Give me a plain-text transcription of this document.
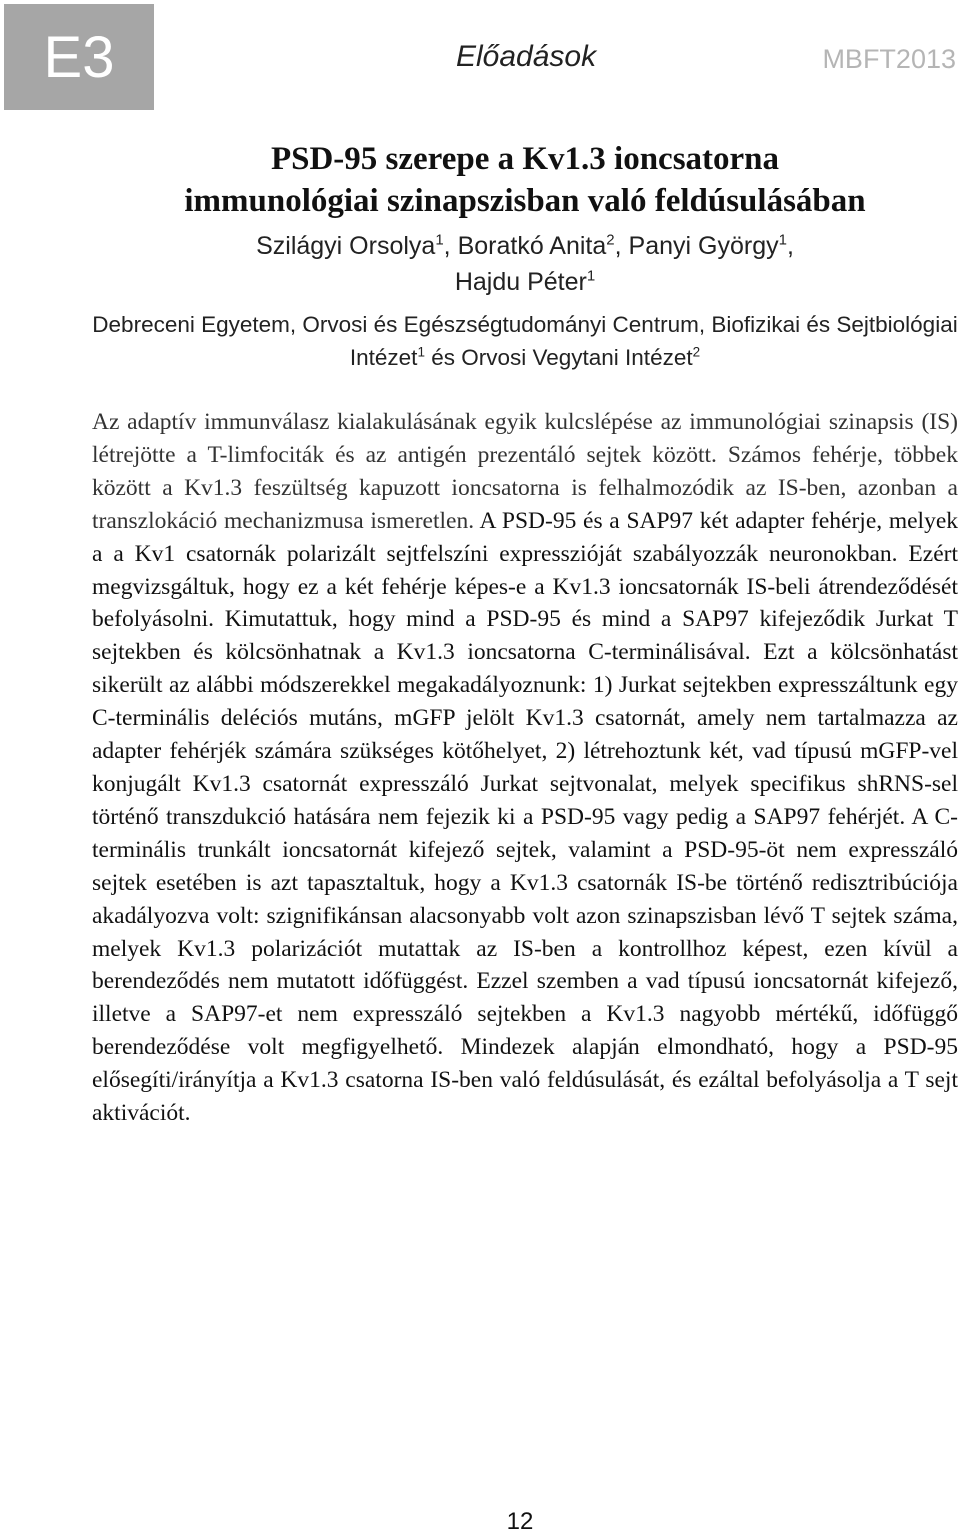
E3	Előadások	MBFT2013
PSD-95 szerepe a Kv1.3 ioncsatorna
immunológiai szinapszisban való feldúsulásában
Szilágyi Orsolya$^1$, Boratkó Anita$^2$, Panyi György$^1$,
Hajdu Péter$^1$
Debreceni Egyetem, Orvosi és Egészségtudományi Centrum, Biofizikai és Sejtbiológiai Intézet$^1$ és Orvosi Vegytani Intézet$^2$
Az adaptív immunválasz kialakulásának egyik kulcslépése az immunológiai szinapsis (IS) létrejötte a T-limfociták és az antigén prezentáló sejtek között. Számos fehérje, többek között a Kv1.3 feszültség kapuzott ioncsatorna is felhalmozódik az IS-ben, azonban a transzlokáció mechanizmusa ismeretlen. A PSD-95 és a SAP97 két adapter fehérje, melyek a a Kv1 csatornák polarizált sejtfelszíni expresszióját szabályozzák neuronokban. Ezért megvizsgáltuk, hogy ez a két fehérje képes-e a Kv1.3 ioncsatornák IS-beli átrendeződését befolyásolni. Kimutattuk, hogy mind a PSD-95 és mind a SAP97 kifejeződik Jurkat T sejtekben és kölcsönhatnak a Kv1.3 ioncsatorna C-terminálisával. Ezt a kölcsönhatást sikerült az alábbi módszerekkel megakadályoznunk: 1) Jurkat sejtekben expresszáltunk egy C-terminális deléciós mutáns, mGFP jelölt Kv1.3 csatornát, amely nem tartalmazza az adapter fehérjék számára szükséges kötőhelyet, 2) létrehoztunk két, vad típusú mGFP-vel konjugált Kv1.3 csatornát expresszáló Jurkat sejtvonalat, melyek specifikus shRNS-sel történő transzdukció hatására nem fejezik ki a PSD-95 vagy pedig a SAP97 fehérjét. A C-terminális trunkált ioncsatornát kifejező sejtek, valamint a PSD-95-öt nem expresszáló sejtek esetében is azt tapasztaltuk, hogy a Kv1.3 csatornák IS-be történő redisztribúciója akadályozva volt: szignifikánsan alacsonyabb volt azon szinapszisban lévő T sejtek száma, melyek Kv1.3 polarizációt mutattak az IS-ben a kontrollhoz képest, ezen kívül a berendeződés nem mutatott időfüggést. Ezzel szemben a vad típusú ioncsatornát kifejező, illetve a SAP97-et nem expresszáló sejtekben a Kv1.3 nagyobb mértékű, időfüggő berendeződése volt megfigyelhető. Mindezek alapján elmondható, hogy a PSD-95 elősegíti/irányítja a Kv1.3 csatorna IS-ben való feldúsulását, és ezáltal befolyásolja a T sejt aktivációt.
12
